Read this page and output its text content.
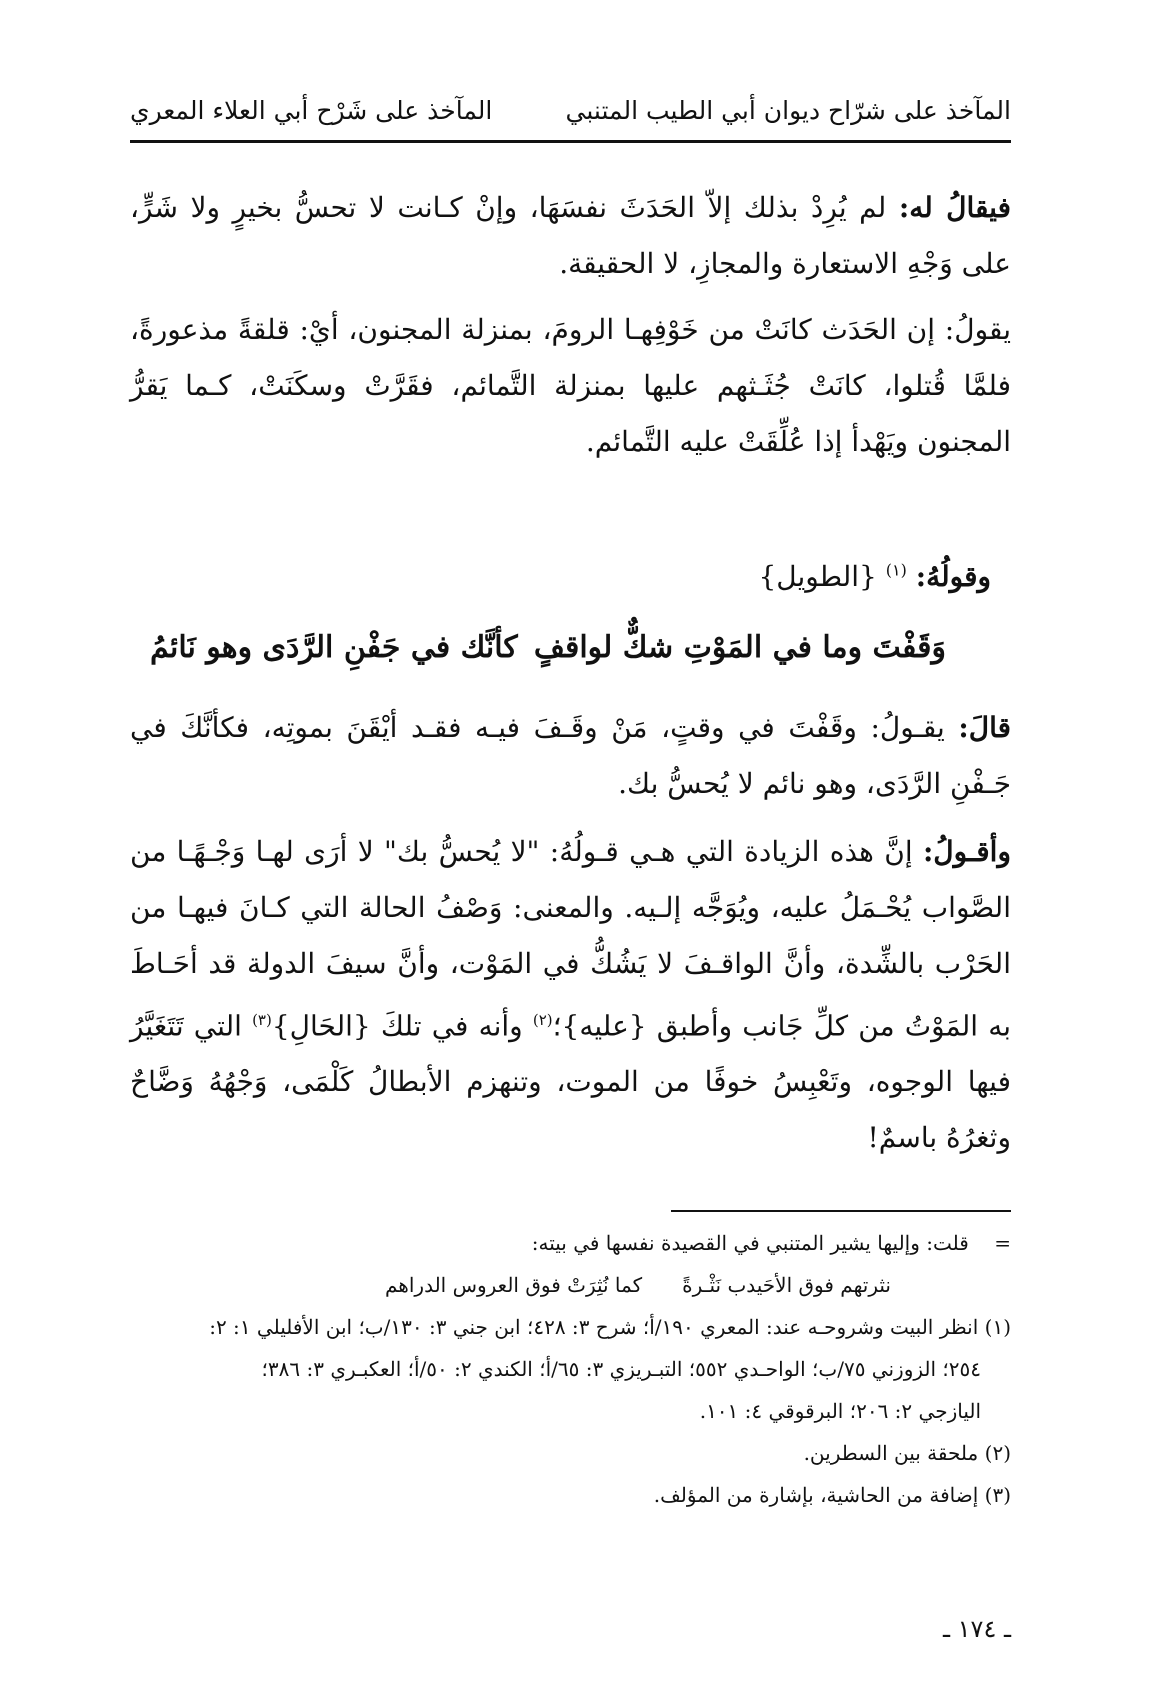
المآخذ على شرّاح ديوان أبي الطيب المتنبي
المآخذ على شَرْح أبي العلاء المعري

فيقالُ له: لم يُرِدْ بذلك إلاّ الحَدَثَ نفسَهَا، وإنْ كـانت لا تحسُّ بخيرٍ ولا شَرٍّ، على وَجْهِ الاستعارة والمجازِ، لا الحقيقة.

يقولُ: إن الحَدَث كانَتْ من خَوْفِهـا الرومَ، بمنزلة المجنون، أيْ: قلقةً مذعورةً، فلمَّا قُتلوا، كانَتْ جُثَـثهم عليها بمنزلة التَّمائم، فقَرَّتْ وسكَنَتْ، كـما يَقرُّ المجنون ويَهْدأ إذا عُلِّقَتْ عليه التَّمائم.

وقولُهُ: $^{(١)}$ {الطويل}
وَقَفْتَ وما في المَوْتِ شكٌّ لواقفٍ
كأنَّك في جَفْنِ الرَّدَى وهو نَائمُ

قالَ: يقـولُ: وقَفْتَ في وقتٍ، مَنْ وقَـفَ فيـه فقـد أيْقَنَ بموتِه، فكأنَّكَ في جَـفْنِ الرَّدَى، وهو نائم لا يُحسُّ بك.

وأقـولُ: إنَّ هذه الزيادة التي هـي قـولُهُ: "لا يُحسُّ بك" لا أرَى لهـا وَجْـهًـا من الصَّواب يُحْـمَلُ عليه، ويُوَجَّه إلـيه. والمعنى: وَصْفُ الحالة التي كـانَ فيهـا من الحَرْب بالشِّدة، وأنَّ الواقـفَ لا يَشُكُّ في المَوْت، وأنَّ سيفَ الدولة قد أحَـاطَ به المَوْتُ من كلِّ جَانب وأطبق {عليه}؛$^{(٢)}$ وأنه في تلكَ {الحَالِ}$^{(٣)}$ التي تَتَغَيَّرُ فيها الوجوه، وتَعْبِسُ خوفًا من الموت، وتنهزم الأبطالُ كَلْمَى، وَجْهُهُ وَضَّاحٌ وثغرُهُ باسمٌ!

=    قلت: وإليها يشير المتنبي في القصيدة نفسها في بيته:

نثرتهم فوق الأحَيدب نَثْـرةًكما نُثِرَتْ فوق العروس الدراهم

(١) انظر البيت وشروحـه عند: المعري ١٩٠/أ؛ شرح ٣: ٤٢٨؛ ابن جني ٣: ١٣٠/ب؛ ابن الأفليلي ١: ٢:

٢٥٤؛ الزوزني ٧٥/ب؛ الواحـدي ٥٥٢؛ التبـريزي ٣: ٦٥/أ؛ الكندي ٢: ٥٠/أ؛ العكبـري ٣: ٣٨٦؛

اليازجي ٢: ٢٠٦؛ البرقوقي ٤: ١٠١.

(٢) ملحقة بين السطرين.

(٣) إضافة من الحاشية، بإشارة من المؤلف.

ـ ١٧٤ ـ
